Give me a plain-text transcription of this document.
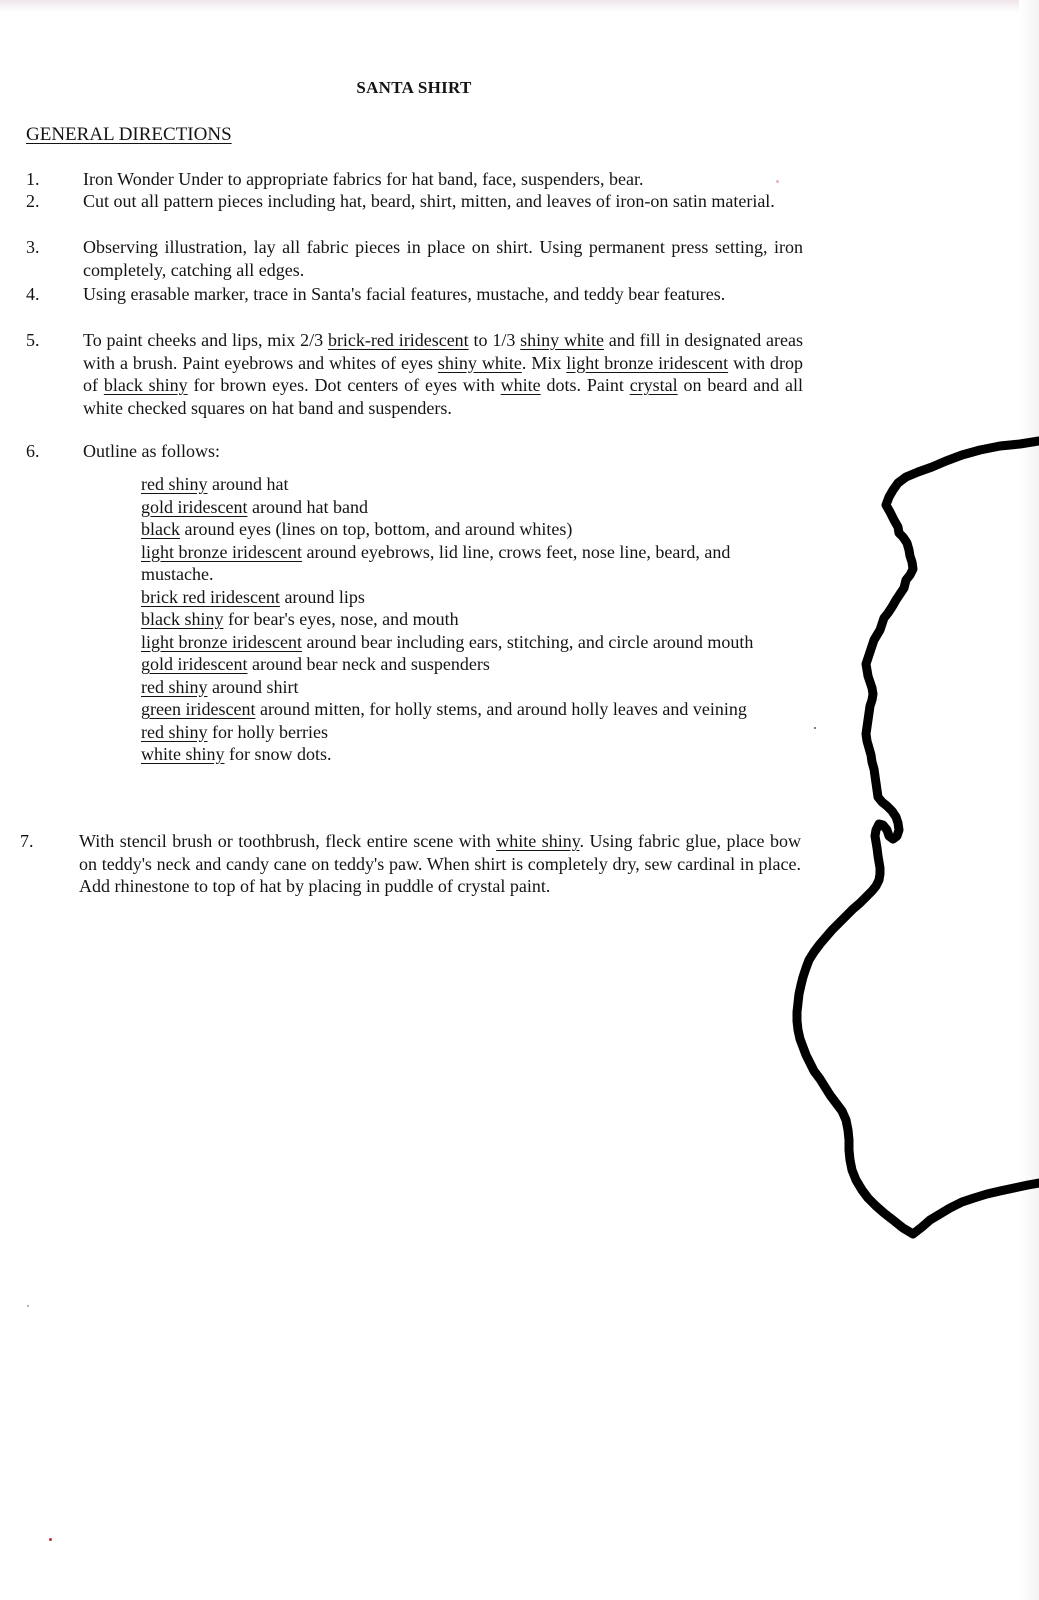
SANTA SHIRT
GENERAL DIRECTIONS
1. Iron Wonder Under to appropriate fabrics for hat band, face, suspenders, bear.
2. Cut out all pattern pieces including hat, beard, shirt, mitten, and leaves of iron-on satin material.
3. Observing illustration, lay all fabric pieces in place on shirt. Using permanent press setting, iron completely, catching all edges.
4. Using erasable marker, trace in Santa's facial features, mustache, and teddy bear features.
5. To paint cheeks and lips, mix 2/3 brick-red iridescent to 1/3 shiny white and fill in designated areas with a brush. Paint eyebrows and whites of eyes shiny white. Mix light bronze iridescent with drop of black shiny for brown eyes. Dot centers of eyes with white dots. Paint crystal on beard and all white checked squares on hat band and suspenders.
6. Outline as follows:
red shiny around hat
gold iridescent around hat band
black around eyes (lines on top, bottom, and around whites)
light bronze iridescent around eyebrows, lid line, crows feet, nose line, beard, and mustache.
brick red iridescent around lips
black shiny for bear's eyes, nose, and mouth
light bronze iridescent around bear including ears, stitching, and circle around mouth
gold iridescent around bear neck and suspenders
red shiny around shirt
green iridescent around mitten, for holly stems, and around holly leaves and veining
red shiny for holly berries
white shiny for snow dots.
7.	With stencil brush or toothbrush, fleck entire scene with white shiny. Using fabric glue, place bow on teddy's neck and candy cane on teddy's paw. When shirt is completely dry, sew cardinal in place. Add rhinestone to top of hat by placing in puddle of crystal paint.
